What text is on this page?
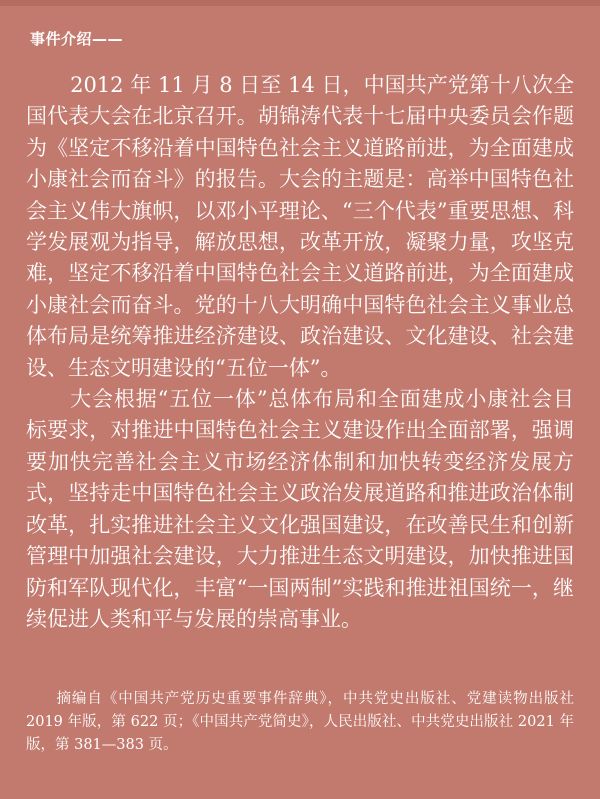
事件介绍——

2012 年 11 月 8 日至 14 日，中国共产党第十八次全国代表大会在北京召开。胡锦涛代表十七届中央委员会作题为《坚定不移沿着中国特色社会主义道路前进，为全面建成小康社会而奋斗》的报告。大会的主题是：高举中国特色社会主义伟大旗帜，以邓小平理论、“三个代表”重要思想、科学发展观为指导，解放思想，改革开放，凝聚力量，攻坚克难，坚定不移沿着中国特色社会主义道路前进，为全面建成小康社会而奋斗。党的十八大明确中国特色社会主义事业总体布局是统筹推进经济建设、政治建设、文化建设、社会建设、生态文明建设的“五位一体”。

大会根据“五位一体”总体布局和全面建成小康社会目标要求，对推进中国特色社会主义建设作出全面部署，强调要加快完善社会主义市场经济体制和加快转变经济发展方式，坚持走中国特色社会主义政治发展道路和推进政治体制改革，扎实推进社会主义文化强国建设，在改善民生和创新管理中加强社会建设，大力推进生态文明建设，加快推进国防和军队现代化，丰富“一国两制”实践和推进祖国统一，继续促进人类和平与发展的崇高事业。

摘编自《中国共产党历史重要事件辞典》，中共党史出版社、党建读物出版社 2019 年版，第 622 页；《中国共产党简史》，人民出版社、中共党史出版社 2021 年版，第 381—383 页。
